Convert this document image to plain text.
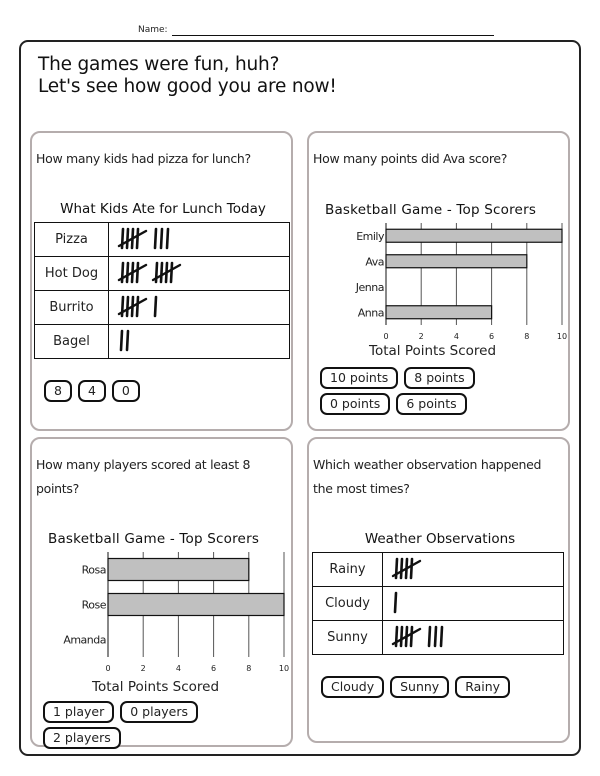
Name:
The games were fun, huh?
Let's see how good you are now!
How many kids had pizza for lunch?
What Kids Ate for Lunch Today
Pizza	
Hot Dog	
Burrito	
Bagel	
8	4	0
How many points did Ava score?
Basketball Game - Top Scorers
0	2	4	6	8	10
Emily
Ava
Jenna
Anna
Total Points Scored
10 points	8 points
0 points	6 points
How many players scored at least 8 points?
Basketball Game - Top Scorers
0	2	4	6	8	10
Rosa
Rose
Amanda
Total Points Scored
1 player	0 players
2 players
Which weather observation happened the most times?
Weather Observations
Rainy	
Cloudy	
Sunny	
Cloudy	Sunny	Rainy
